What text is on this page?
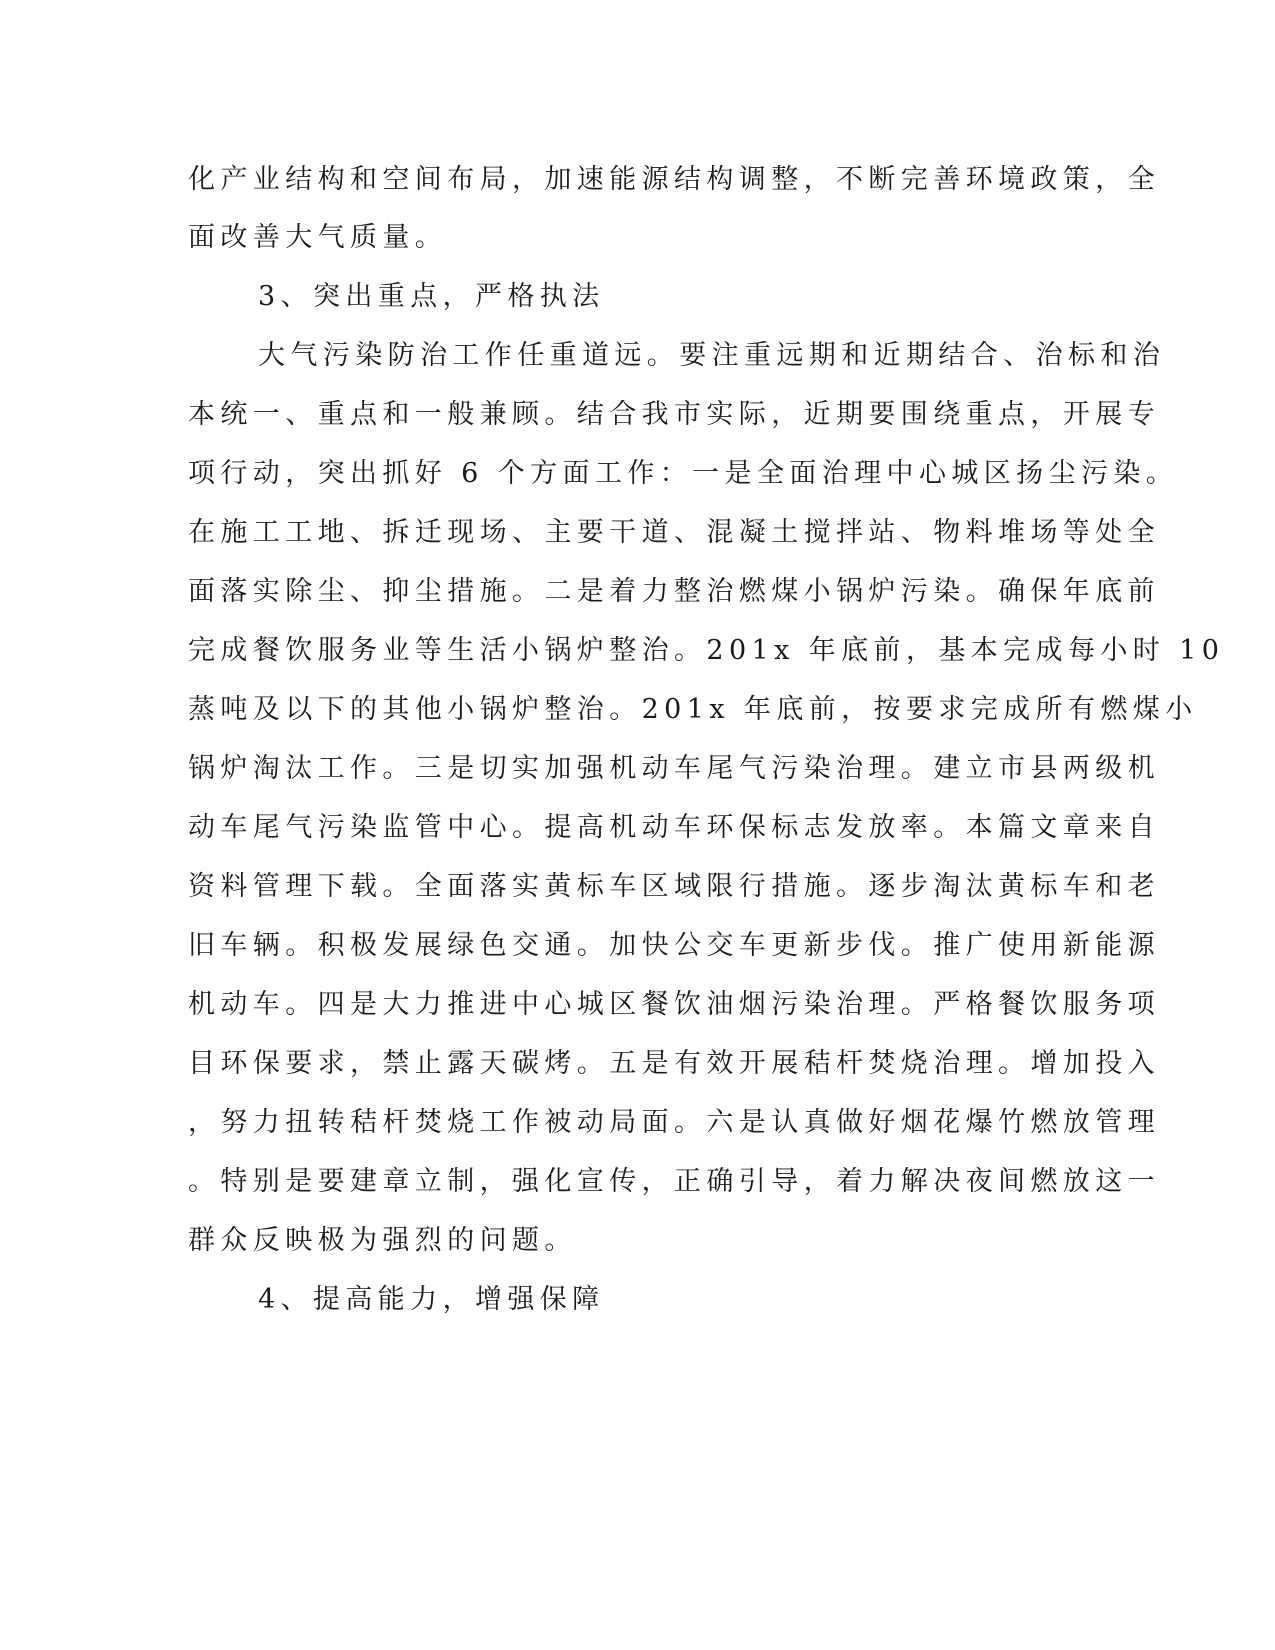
化产业结构和空间布局，加速能源结构调整，不断完善环境政策，全
面改善大气质量。
3、突出重点，严格执法
大气污染防治工作任重道远。要注重远期和近期结合、治标和治
本统一、重点和一般兼顾。结合我市实际，近期要围绕重点，开展专
项行动，突出抓好 6 个方面工作：一是全面治理中心城区扬尘污染。
在施工工地、拆迁现场、主要干道、混凝土搅拌站、物料堆场等处全
面落实除尘、抑尘措施。二是着力整治燃煤小锅炉污染。确保年底前
完成餐饮服务业等生活小锅炉整治。201x 年底前，基本完成每小时 10
蒸吨及以下的其他小锅炉整治。201x 年底前，按要求完成所有燃煤小
锅炉淘汰工作。三是切实加强机动车尾气污染治理。建立市县两级机
动车尾气污染监管中心。提高机动车环保标志发放率。本篇文章来自
资料管理下载。全面落实黄标车区域限行措施。逐步淘汰黄标车和老
旧车辆。积极发展绿色交通。加快公交车更新步伐。推广使用新能源
机动车。四是大力推进中心城区餐饮油烟污染治理。严格餐饮服务项
目环保要求，禁止露天碳烤。五是有效开展秸杆焚烧治理。增加投入
，努力扭转秸杆焚烧工作被动局面。六是认真做好烟花爆竹燃放管理
。特别是要建章立制，强化宣传，正确引导，着力解决夜间燃放这一
群众反映极为强烈的问题。
4、提高能力，增强保障
